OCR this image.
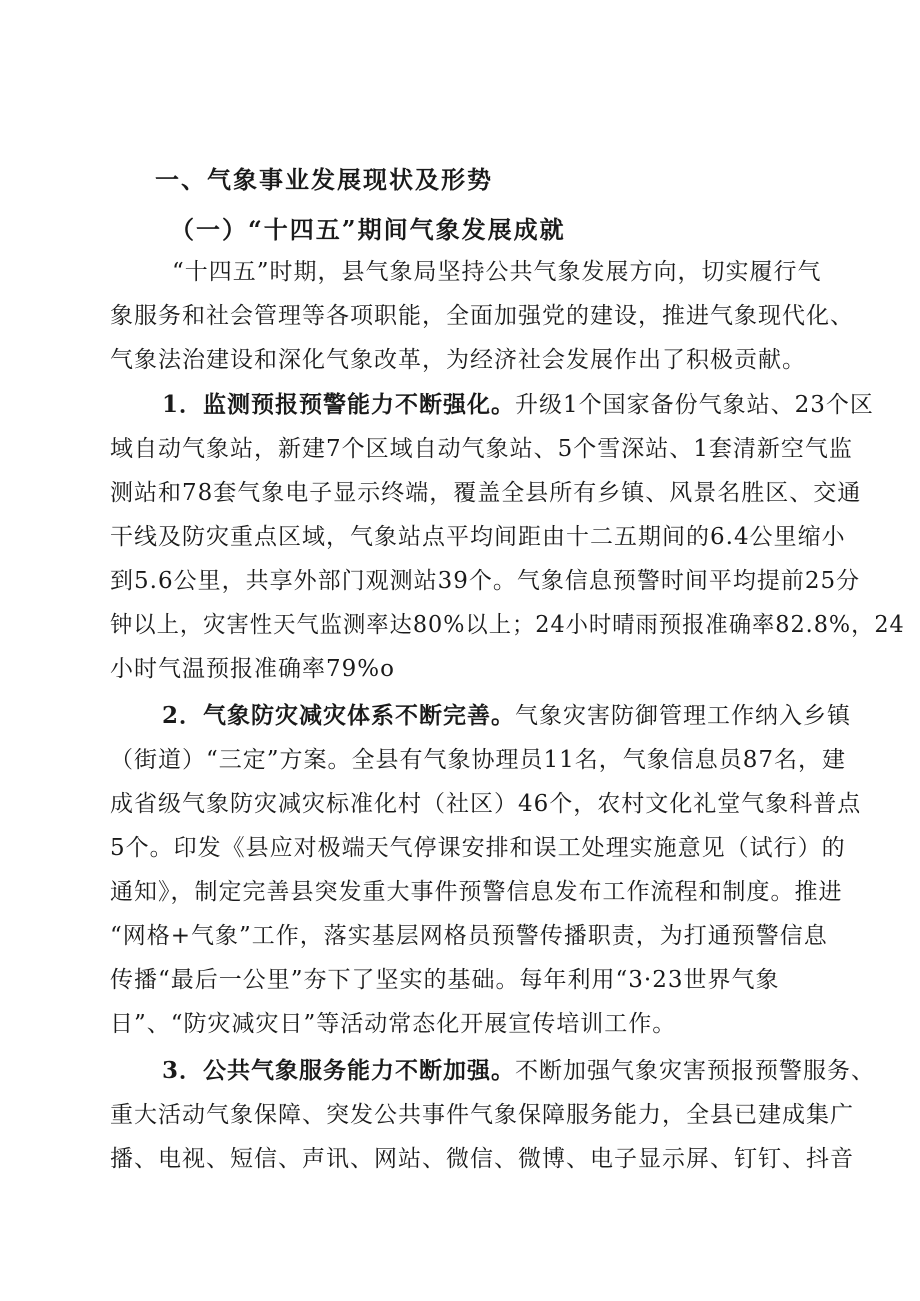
一、气象事业发展现状及形势
（一）“十四五”期间气象发展成就
“十四五”时期，县气象局坚持公共气象发展方向，切实履行气
象服务和社会管理等各项职能，全面加强党的建设，推进气象现代化、
气象法治建设和深化气象改革，为经济社会发展作出了积极贡献。
1．监测预报预警能力不断强化。升级1个国家备份气象站、23个区
域自动气象站，新建7个区域自动气象站、5个雪深站、1套清新空气监
测站和78套气象电子显示终端，覆盖全县所有乡镇、风景名胜区、交通
干线及防灾重点区域，气象站点平均间距由十二五期间的6.4公里缩小
到5.6公里，共享外部门观测站39个。气象信息预警时间平均提前25分
钟以上，灾害性天气监测率达80%以上；24小时晴雨预报准确率82.8%，24
小时气温预报准确率79%o
2．气象防灾减灾体系不断完善。气象灾害防御管理工作纳入乡镇
（街道）“三定”方案。全县有气象协理员11名，气象信息员87名，建
成省级气象防灾减灾标准化村（社区）46个，农村文化礼堂气象科普点
5个。印发《县应对极端天气停课安排和误工处理实施意见（试行）的
通知》，制定完善县突发重大事件预警信息发布工作流程和制度。推进
“网格+气象”工作，落实基层网格员预警传播职责，为打通预警信息
传播“最后一公里”夯下了坚实的基础。每年利用“3·23世界气象
日”、“防灾减灾日”等活动常态化开展宣传培训工作。
3．公共气象服务能力不断加强。不断加强气象灾害预报预警服务、
重大活动气象保障、突发公共事件气象保障服务能力，全县已建成集广
播、电视、短信、声讯、网站、微信、微博、电子显示屏、钉钉、抖音
